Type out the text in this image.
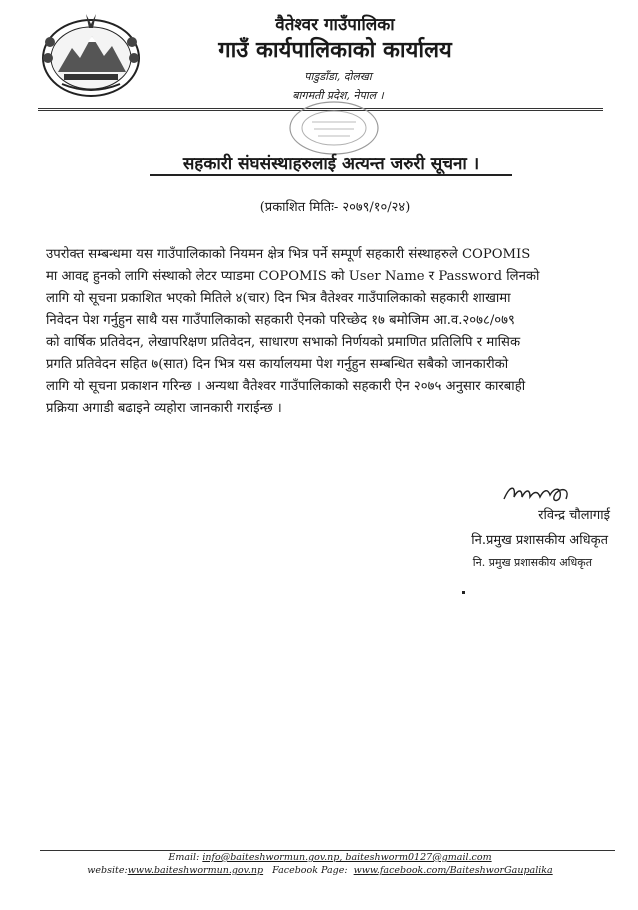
वैतेश्वर गाउँपालिका
गाउँ कार्यपालिकाको कार्यालय
पाडुडाँडा, दोलखा
बागमती प्रदेश, नेपाल ।
सहकारी संघसंस्थाहरुलाई अत्यन्त जरुरी सूचना ।
(प्रकाशित मितिः- २०७९/१०/२४)
उपरोक्त सम्बन्धमा यस गाउँपालिकाको नियमन क्षेत्र भित्र पर्ने सम्पूर्ण सहकारी संस्थाहरुले COPOMIS
मा आवद्द हुनको लागि संस्थाको लेटर प्याडमा COPOMIS को User Name र Password लिनको
लागि यो सूचना प्रकाशित भएको मितिले ४(चार) दिन भित्र वैतेश्वर गाउँपालिकाको सहकारी शाखामा
निवेदन पेश गर्नुहुन साथै यस गाउँपालिकाको सहकारी ऐनको परिच्छेद १७ बमोजिम आ.व.२०७८/०७९
को वार्षिक प्रतिवेदन, लेखापरिक्षण प्रतिवेदन, साधारण सभाको निर्णयको प्रमाणित प्रतिलिपि र मासिक
प्रगति प्रतिवेदन सहित ७(सात) दिन भित्र यस कार्यालयमा पेश गर्नुहुन सम्बन्धित सबैको जानकारीको
लागि यो सूचना प्रकाशन गरिन्छ । अन्यथा वैतेश्वर गाउँपालिकाको सहकारी ऐन २०७५ अनुसार कारबाही
प्रक्रिया अगाडी बढाइने व्यहोरा जानकारी गराईन्छ ।
रविन्द्र चौलागाई
नि.प्रमुख प्रशासकीय अधिकृत
नि. प्रमुख प्रशासकीय अधिकृत
Email: info@baiteshwormun.gov.np, baiteshworm0127@gmail.com
website:www.baiteshwormun.gov.np Facebook Page: www.facebook.com/BaiteshworGaupalika
